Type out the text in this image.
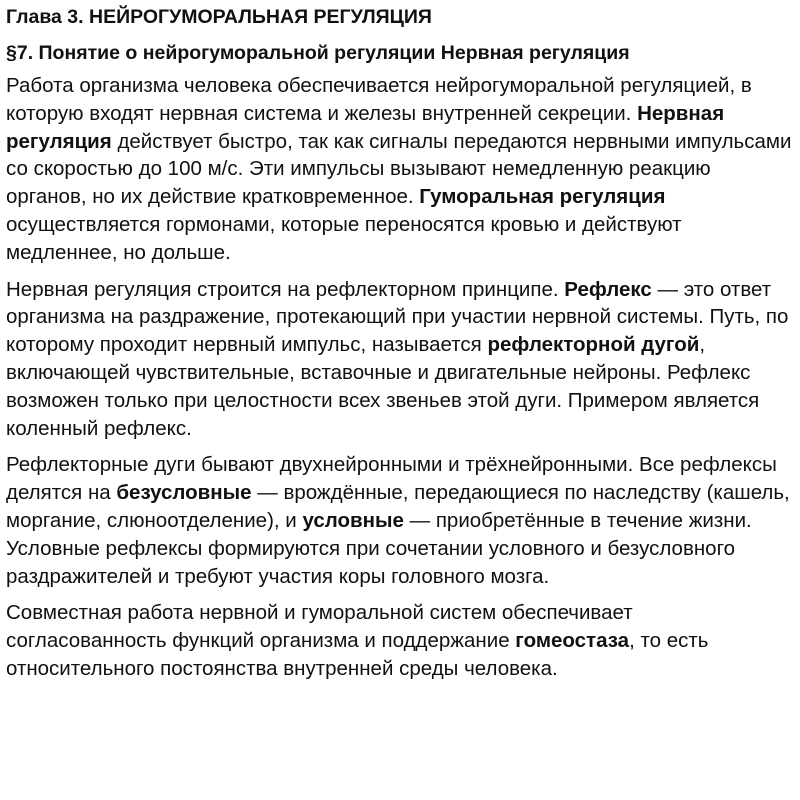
Глава 3. НЕЙРОГУМОРАЛЬНАЯ РЕГУЛЯЦИЯ
§7. Понятие о нейрогуморальной регуляции Нервная регуляция

Работа организма человека обеспечивается нейрогуморальной регуляцией, в которую входят нервная система и железы внутренней секреции. Нервная регуляция действует быстро, так как сигналы передаются нервными импульсами со скоростью до 100 м/с. Эти импульсы вызывают немедленную реакцию органов, но их действие кратковременное. Гуморальная регуляция осуществляется гормонами, которые переносятся кровью и действуют медленнее, но дольше.

Нервная регуляция строится на рефлекторном принципе. Рефлекс — это ответ организма на раздражение, протекающий при участии нервной системы. Путь, по которому проходит нервный импульс, называется рефлекторной дугой, включающей чувствительные, вставочные и двигательные нейроны. Рефлекс возможен только при целостности всех звеньев этой дуги. Примером является коленный рефлекс.

Рефлекторные дуги бывают двухнейронными и трёхнейронными. Все рефлексы делятся на безусловные — врождённые, передающиеся по наследству (кашель, моргание, слюноотделение), и условные — приобретённые в течение жизни. Условные рефлексы формируются при сочетании условного и безусловного раздражителей и требуют участия коры головного мозга.

Совместная работа нервной и гуморальной систем обеспечивает согласованность функций организма и поддержание гомеостаза, то есть относительного постоянства внутренней среды человека.
